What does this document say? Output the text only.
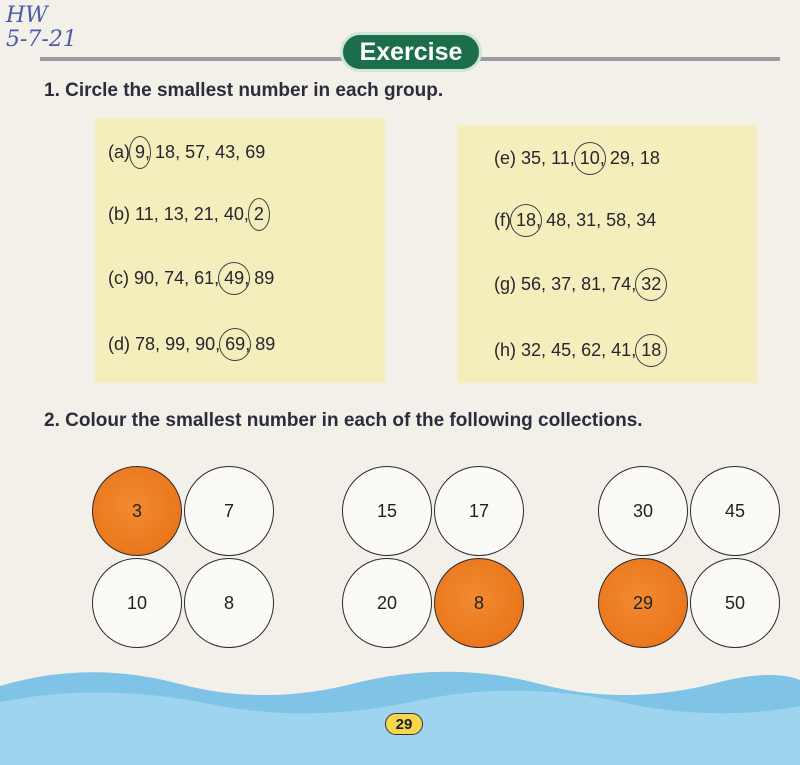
HW
5-7-21	Exercise
1. Circle the smallest number in each group.
(a) 9, 18, 57, 43, 69
(b) 11, 13, 21, 40, 2
(c) 90, 74, 61, 49, 89
(d) 78, 99, 90, 69, 89
(e) 35, 11, 10, 29, 18
(f) 18, 48, 31, 58, 34
(g) 56, 37, 81, 74, 32
(h) 32, 45, 62, 41, 18
2. Colour the smallest number in each of the following collections.
3	7
10	8
15	17
20	8
30	45
29	50
29
